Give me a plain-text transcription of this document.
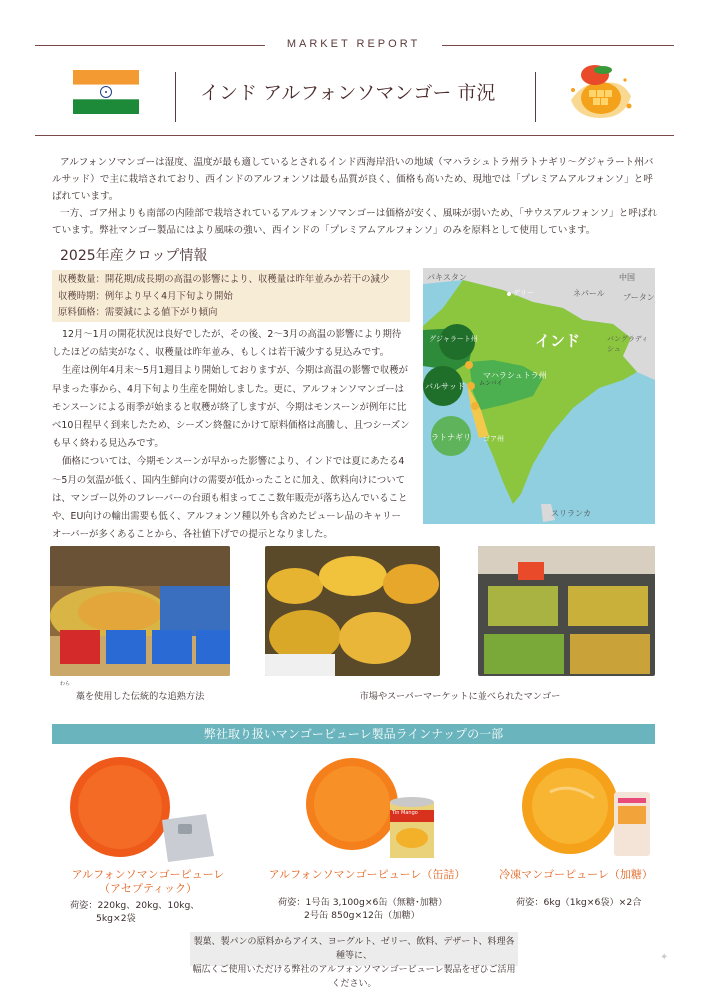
MARKET REPORT
インド アルフォンソマンゴー 市況

アルフォンソマンゴーは湿度、温度が最も適しているとされるインド西海岸沿いの地域（マハラシュトラ州ラトナギリ～グジャラート州バルサッド）で主に栽培されており、西インドのアルフォンソは最も品質が良く、価格も高いため、現地では「プレミアムアルフォンソ」と呼ばれています。

一方、ゴア州よりも南部の内陸部で栽培されているアルフォンソマンゴーは価格が安く、風味が弱いため、「サウスアルフォンソ」と呼ばれています。弊社マンゴー製品にはより風味の強い、西インドの「プレミアムアルフォンソ」のみを原料として使用しています。

2025年産クロップ情報
収穫数量：開花期/成長期の高温の影響により、収穫量は昨年並みか若干の減少
収穫時期：例年より早く4月下旬より開始
原料価格：需要減による値下がり傾向

12月～1月の開花状況は良好でしたが、その後、2～3月の高温の影響により期待したほどの結実がなく、収穫量は昨年並み、もしくは若干減少する見込みです。

生産は例年4月末～5月1週目より開始しておりますが、今期は高温の影響で収穫が早まった事から、4月下旬より生産を開始しました。更に、アルフォンソマンゴーはモンスーンによる雨季が始まると収穫が終了しますが、今期はモンスーンが例年に比べ10日程早く到来したため、シーズン終盤にかけて原料価格は高騰し、且つシーズンも早く終わる見込みです。

価格については、今期モンスーンが早かった影響により、インドでは夏にあたる4～5月の気温が低く、国内生鮮向けの需要が低かったことに加え、飲料向けについては、マンゴー以外のフレーバーの台頭も相まってここ数年販売が落ち込んでいることや、EU向けの輸出需要も低く、アルフォンソ種以外も含めたピューレ品のキャリーオーバーが多くあることから、各社値下げでの提示となりました。

パキスタン	中国
デリー	ネパール ブータン
バングラディシュ
インド
グジャラート州
バルサッド ムンバイ
マハラシュトラ州
ラトナギリ ゴア州
スリランカ
わら
藁を使用した伝統的な追熟方法	市場やスーパーマーケットに並べられたマンゴー
弊社取り扱いマンゴーピューレ製品ラインナップの一部
Tin Mango
アルフォンソマンゴーピューレ
（アセプティック）
荷姿：220kg、20kg、10kg、
5kg×2袋
アルフォンソマンゴーピューレ（缶詰）
荷姿：1号缶 3,100g×6缶（無糖･加糖）
2号缶 850g×12缶（加糖）
冷凍マンゴーピューレ（加糖）
荷姿：6kg（1kg×6袋）×2合
製菓、製パンの原料からアイス、ヨーグルト、ゼリー、飲料、デザート、料理各種等に、
幅広くご使用いただける弊社のアルフォンソマンゴーピューレ製品をぜひご活用ください。
✦
